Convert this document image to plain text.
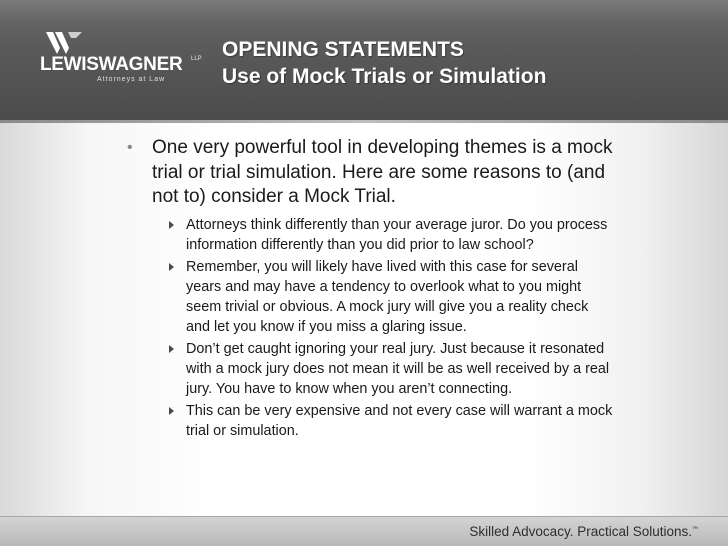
LEWISWAGNER LLP
Attorneys at Law
OPENING STATEMENTS
Use of Mock Trials or Simulation
• One very powerful tool in developing themes is a mock trial or trial simulation. Here are some reasons to (and not to) consider a Mock Trial.
Attorneys think differently than your average juror. Do you process information differently than you did prior to law school?
Remember, you will likely have lived with this case for several years and may have a tendency to overlook what to you might seem trivial or obvious. A mock jury will give you a reality check and let you know if you miss a glaring issue.
Don’t get caught ignoring your real jury. Just because it resonated with a mock jury does not mean it will be as well received by a real jury. You have to know when you aren’t connecting.
This can be very expensive and not every case will warrant a mock trial or simulation.
Skilled Advocacy. Practical Solutions.™
